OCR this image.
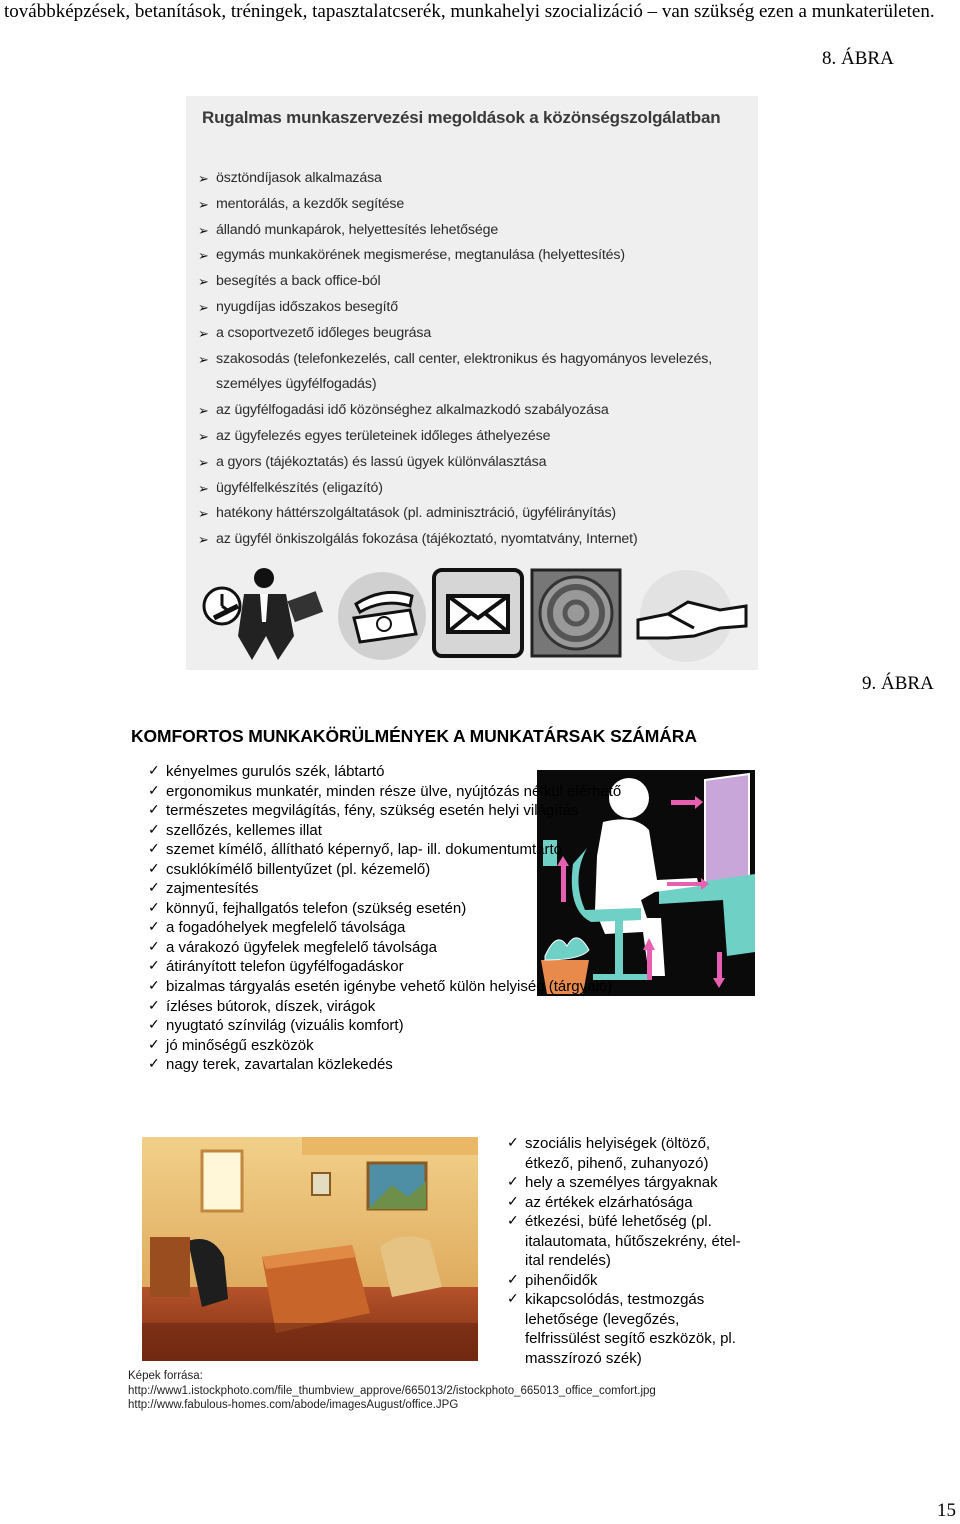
továbbképzések, betanítások, tréningek, tapasztalatcserék, munkahelyi szocializáció – van szükség ezen a munkaterületen.
8. ÁBRA
Rugalmas munkaszervezési megoldások a közönségszolgálatban
➢ ösztöndíjasok alkalmazása
➢ mentorálás, a kezdők segítése
➢ állandó munkapárok, helyettesítés lehetősége
➢ egymás munkakörének megismerése, megtanulása (helyettesítés)
➢ besegítés a back office-ból
➢ nyugdíjas időszakos besegítő
➢ a csoportvezető időleges beugrása
➢ szakosodás (telefonkezelés, call center, elektronikus és hagyományos levelezés, személyes ügyfélfogadás)
➢ az ügyfélfogadási idő közönséghez alkalmazkodó szabályozása
➢ az ügyfelezés egyes területeinek időleges áthelyezése
➢ a gyors (tájékoztatás) és lassú ügyek különválasztása
➢ ügyfélfelkészítés (eligazító)
➢ hatékony háttérszolgáltatások (pl. adminisztráció, ügyfélirányítás)
➢ az ügyfél önkiszolgálás fokozása (tájékoztató, nyomtatvány, Internet)
9. ÁBRA
KOMFORTOS MUNKAKÖRÜLMÉNYEK A MUNKATÁRSAK SZÁMÁRA
✓ kényelmes gurulós szék, lábtartó
✓ ergonomikus munkatér, minden része ülve, nyújtózás nélkül elérhető
✓ természetes megvilágítás, fény, szükség esetén helyi világítás
✓ szellőzés, kellemes illat
✓ szemet kímélő, állítható képernyő, lap- ill. dokumentumtartó
✓ csuklókímélő billentyűzet (pl. kézemelő)
✓ zajmentesítés
✓ könnyű, fejhallgatós telefon (szükség esetén)
✓ a fogadóhelyek megfelelő távolsága
✓ a várakozó ügyfelek megfelelő távolsága
✓ átirányított telefon ügyfélfogadáskor
✓ bizalmas tárgyalás esetén igénybe vehető külön helyiség (tárgyaló)
✓ ízléses bútorok, díszek, virágok
✓ nyugtató színvilág (vizuális komfort)
✓ jó minőségű eszközök
✓ nagy terek, zavartalan közlekedés
✓ szociális helyiségek (öltöző, étkező, pihenő, zuhanyozó)
✓ hely a személyes tárgyaknak
✓ az értékek elzárhatósága
✓ étkezési, büfé lehetőség (pl. italautomata, hűtőszekrény, étel-ital rendelés)
✓ pihenőidők
✓ kikapcsolódás, testmozgás lehetősége (levegőzés, felfrissülést segítő eszközök, pl. masszírozó szék)
Képek forrása:
http://www1.istockphoto.com/file_thumbview_approve/665013/2/istockphoto_665013_office_comfort.jpg
http://www.fabulous-homes.com/abode/imagesAugust/office.JPG
15
